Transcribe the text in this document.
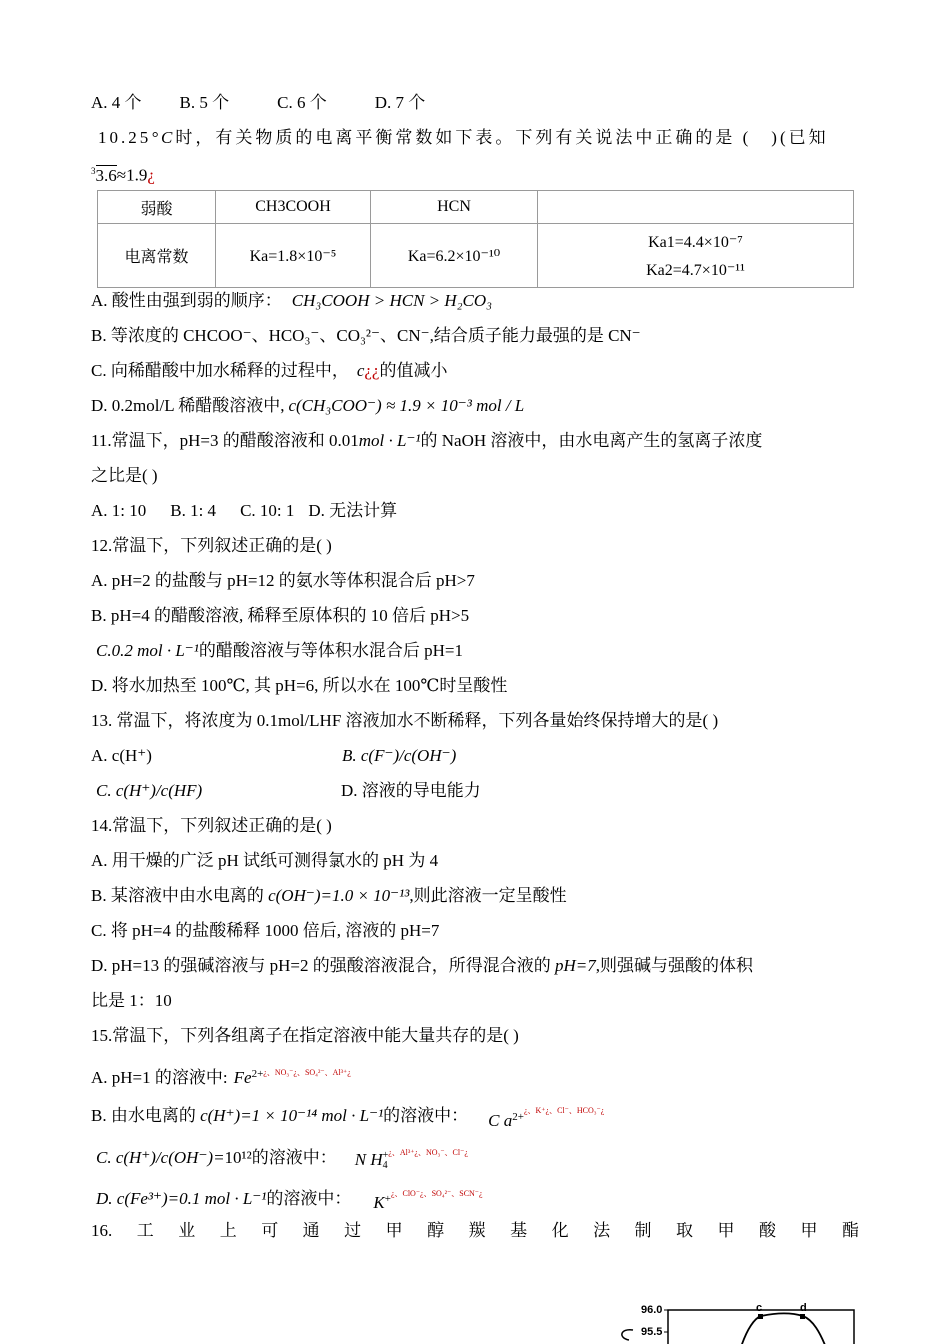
A. 4 个 B. 5 个	C. 6 个	D. 7 个
10.25°C时，有关物质的电离平衡常数如下表。下列有关说法中正确的是 (　)(已知
$^3$3.6≈1.9¿
弱酸	CH3COOH	HCN	
电离常数	Ka=1.8×10⁻⁵	Ka=6.2×10⁻¹⁰	Ka1=4.4×10⁻⁷
Ka2=4.7×10⁻¹¹
A. 酸性由强到弱的顺序： CH₃COOH > HCN > H₂CO₃
B. 等浓度的 CHCOO⁻、HCO₃⁻、CO₃²⁻、CN⁻,结合质子能力最强的是 CN⁻
C. 向稀醋酸中加水稀释的过程中， c¿¿的值减小
D. 0.2mol/L 稀醋酸溶液中, c(CH₃COO⁻) ≈ 1.9 × 10⁻³ mol / L
11.常温下，pH=3 的醋酸溶液和 0.01mol · L⁻¹的 NaOH 溶液中，由水电离产生的氢离子浓度
之比是( )
A. 1: 10 B. 1: 4 C. 10: 1 D. 无法计算
12.常温下，下列叙述正确的是( )
A. pH=2 的盐酸与 pH=12 的氨水等体积混合后 pH>7
B. pH=4 的醋酸溶液, 稀释至原体积的 10 倍后 pH>5
C.0.2 mol · L⁻¹的醋酸溶液与等体积水混合后 pH=1
D. 将水加热至 100℃, 其 pH=6, 所以水在 100℃时呈酸性
13. 常温下，将浓度为 0.1mol/LHF 溶液加水不断稀释，下列各量始终保持增大的是( )
A. c(H⁺)	B. c(F⁻)/c(OH⁻)
C. c(H⁺)/c(HF)	D. 溶液的导电能力
14.常温下，下列叙述正确的是( )
A. 用干燥的广泛 pH 试纸可测得氯水的 pH 为 4
B. 某溶液中由水电离的 c(OH⁻)=1.0 × 10⁻¹³,则此溶液一定呈酸性
C. 将 pH=4 的盐酸稀释 1000 倍后, 溶液的 pH=7
D. pH=13 的强碱溶液与 pH=2 的强酸溶液混合，所得混合液的 pH=7,则强碱与强酸的体积
比是 1：10
15.常温下，下列各组离子在指定溶液中能大量共存的是( )
A. pH=1 的溶液中: $Fe^{2+¿、NO_3^-¿、SO_4^{2-}、Al^{3+}¿}$
B. 由水电离的 c(H⁺)=1 × 10⁻¹⁴ mol · L⁻¹的溶液中： C $a^{2+¿、K^+¿、Cl^-、HCO_3^-¿}$
C. c(H⁺)/c(OH⁻)=10¹²的溶液中： N H +
4
$^{¿、Al^{3+}¿、NO_3^-、Cl^-¿}$
D. c(Fe³⁺)=0.1 mol · L⁻¹的溶液中： $K^{+¿、ClO^-¿、SO_4^{2-}、SCN^-¿}$
16. 工 业 上 可 通 过 甲 醇 羰 基 化 法 制 取 甲 酸 甲 酯
96.0
95.5
c	d
